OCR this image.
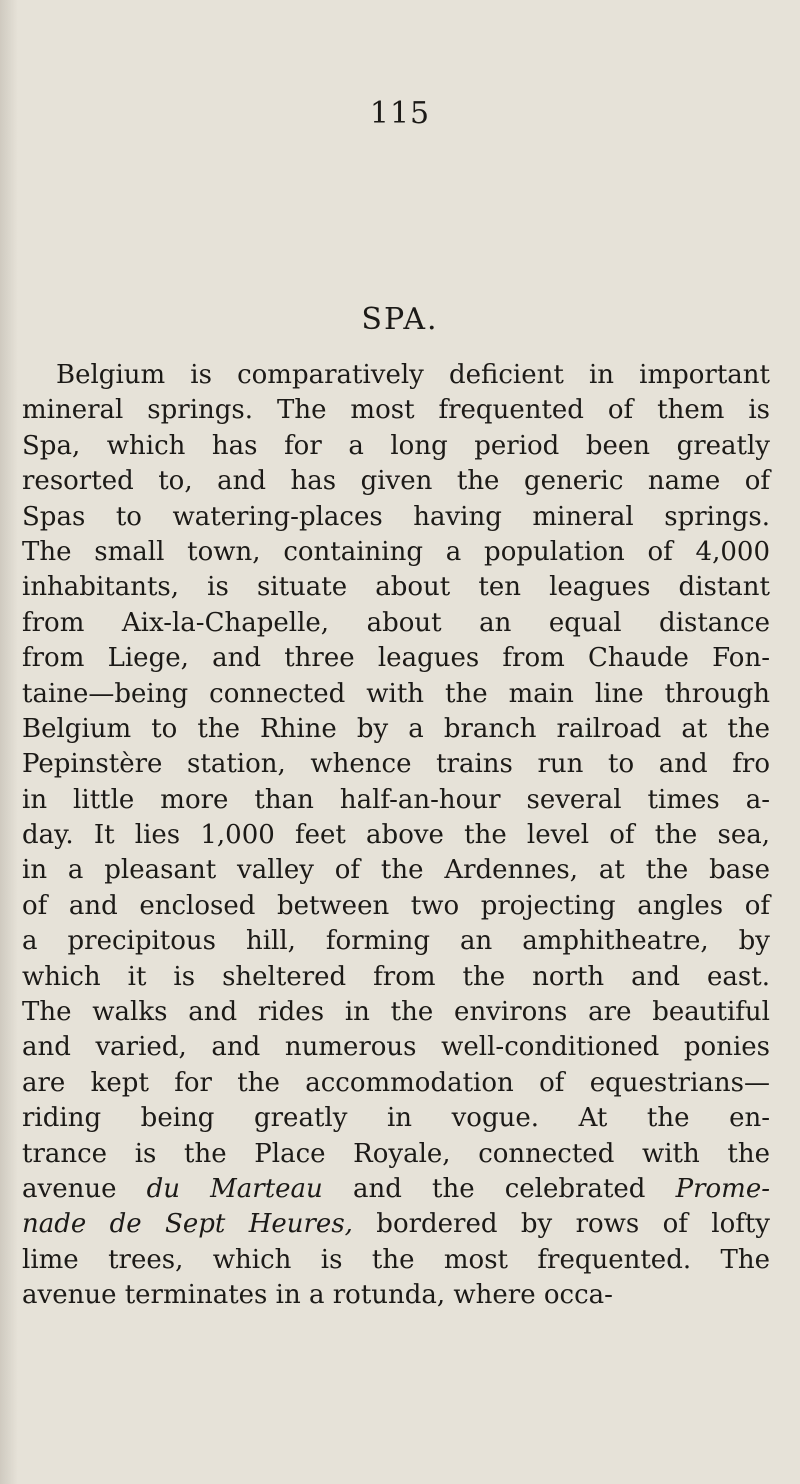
115
SPA.
Belgium is comparatively deficient in important
mineral springs. The most frequented of them is
Spa, which has for a long period been greatly
resorted to, and has given the generic name of
Spas to watering-places having mineral springs.
The small town, containing a population of 4,000
inhabitants, is situate about ten leagues distant
from Aix-la-Chapelle, about an equal distance
from Liege, and three leagues from Chaude Fon-
taine—being connected with the main line through
Belgium to the Rhine by a branch railroad at the
Pepinstère station, whence trains run to and fro
in little more than half-an-hour several times a-
day. It lies 1,000 feet above the level of the sea,
in a pleasant valley of the Ardennes, at the base
of and enclosed between two projecting angles of
a precipitous hill, forming an amphitheatre, by
which it is sheltered from the north and east.
The walks and rides in the environs are beautiful
and varied, and numerous well-conditioned ponies
are kept for the accommodation of equestrians—
riding being greatly in vogue. At the en-
trance is the Place Royale, connected with the
avenue du Marteau and the celebrated Prome-
nade de Sept Heures, bordered by rows of lofty
lime trees, which is the most frequented. The
avenue terminates in a rotunda, where occa-
